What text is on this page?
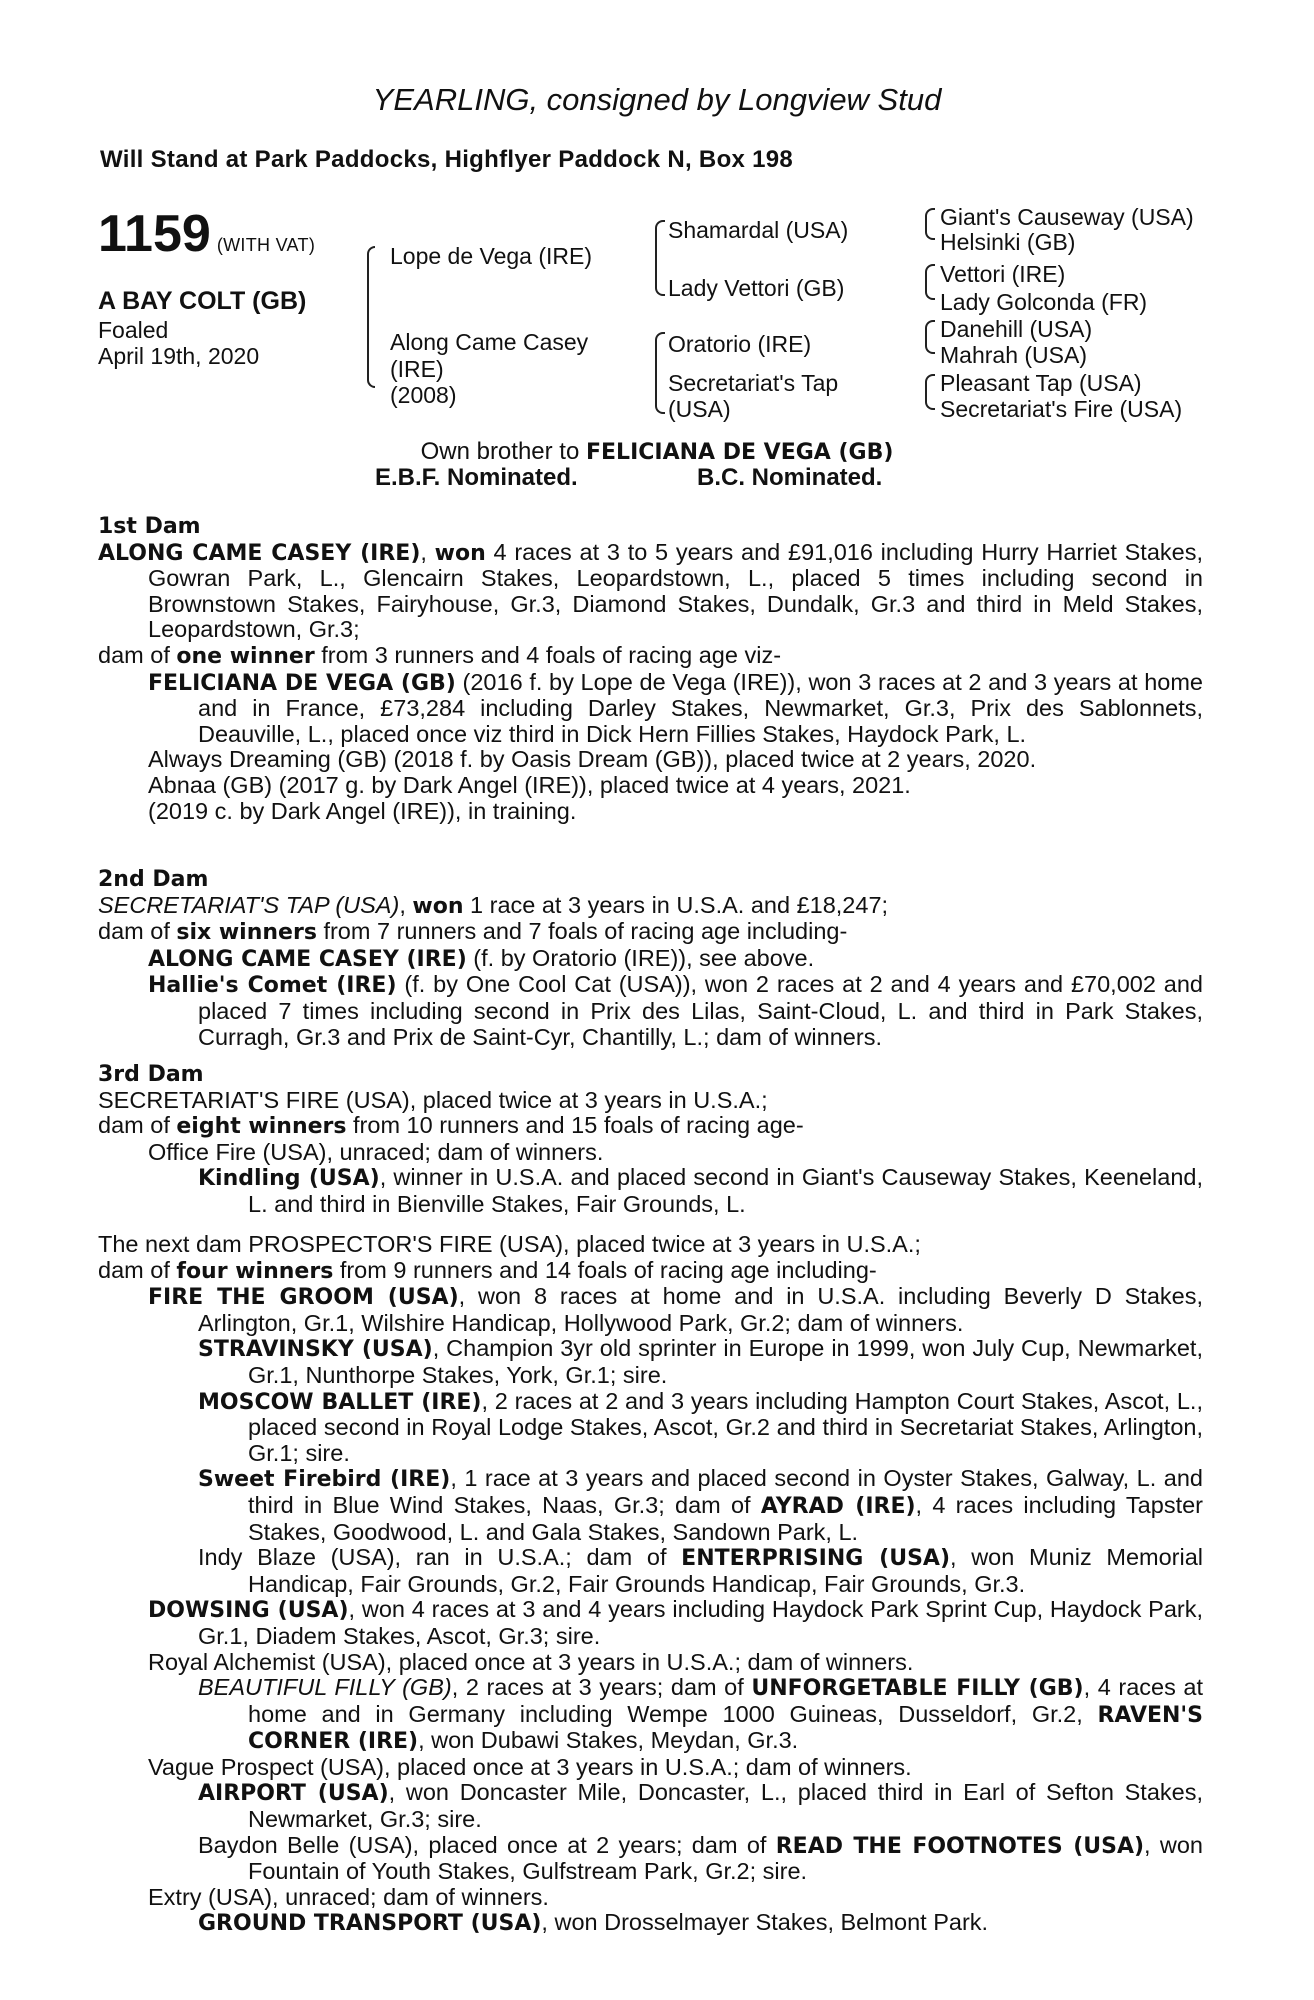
YEARLING, consigned by Longview Stud
Will Stand at Park Paddocks, Highflyer Paddock N, Box 198
1159 (WITH VAT)
A BAY COLT (GB)
Foaled
April 19th, 2020
Lope de Vega (IRE)
Along Came Casey
(IRE)
(2008)
Shamardal (USA)
Lady Vettori (GB)
Oratorio (IRE)
Secretariat's Tap
(USA)
Giant's Causeway (USA)
Helsinki (GB)
Vettori (IRE)
Lady Golconda (FR)
Danehill (USA)
Mahrah (USA)
Pleasant Tap (USA)
Secretariat's Fire (USA)
Own brother to FELICIANA DE VEGA (GB)
E.B.F. Nominated.	B.C. Nominated.
1st Dam

ALONG CAME CASEY (IRE), won 4 races at 3 to 5 years and £91,016 including Hurry Harriet Stakes, Gowran Park, L., Glencairn Stakes, Leopardstown, L., placed 5 times including second in Brownstown Stakes, Fairyhouse, Gr.3, Diamond Stakes, Dundalk, Gr.3 and third in Meld Stakes, Leopardstown, Gr.3;

dam of one winner from 3 runners and 4 foals of racing age viz-

FELICIANA DE VEGA (GB) (2016 f. by Lope de Vega (IRE)), won 3 races at 2 and 3 years at home and in France, £73,284 including Darley Stakes, Newmarket, Gr.3, Prix des Sablonnets, Deauville, L., placed once viz third in Dick Hern Fillies Stakes, Haydock Park, L.

Always Dreaming (GB) (2018 f. by Oasis Dream (GB)), placed twice at 2 years, 2020.

Abnaa (GB) (2017 g. by Dark Angel (IRE)), placed twice at 4 years, 2021.

(2019 c. by Dark Angel (IRE)), in training.

2nd Dam

SECRETARIAT'S TAP (USA), won 1 race at 3 years in U.S.A. and £18,247;

dam of six winners from 7 runners and 7 foals of racing age including-

ALONG CAME CASEY (IRE) (f. by Oratorio (IRE)), see above.

Hallie's Comet (IRE) (f. by One Cool Cat (USA)), won 2 races at 2 and 4 years and £70,002 and placed 7 times including second in Prix des Lilas, Saint-Cloud, L. and third in Park Stakes, Curragh, Gr.3 and Prix de Saint-Cyr, Chantilly, L.; dam of winners.

3rd Dam

SECRETARIAT'S FIRE (USA), placed twice at 3 years in U.S.A.;

dam of eight winners from 10 runners and 15 foals of racing age-

Office Fire (USA), unraced; dam of winners.

Kindling (USA), winner in U.S.A. and placed second in Giant's Causeway Stakes, Keeneland, L. and third in Bienville Stakes, Fair Grounds, L.

The next dam PROSPECTOR'S FIRE (USA), placed twice at 3 years in U.S.A.;

dam of four winners from 9 runners and 14 foals of racing age including-

FIRE THE GROOM (USA), won 8 races at home and in U.S.A. including Beverly D Stakes, Arlington, Gr.1, Wilshire Handicap, Hollywood Park, Gr.2; dam of winners.

STRAVINSKY (USA), Champion 3yr old sprinter in Europe in 1999, won July Cup, Newmarket, Gr.1, Nunthorpe Stakes, York, Gr.1; sire.

MOSCOW BALLET (IRE), 2 races at 2 and 3 years including Hampton Court Stakes, Ascot, L., placed second in Royal Lodge Stakes, Ascot, Gr.2 and third in Secretariat Stakes, Arlington, Gr.1; sire.

Sweet Firebird (IRE), 1 race at 3 years and placed second in Oyster Stakes, Galway, L. and third in Blue Wind Stakes, Naas, Gr.3; dam of AYRAD (IRE), 4 races including Tapster Stakes, Goodwood, L. and Gala Stakes, Sandown Park, L.

Indy Blaze (USA), ran in U.S.A.; dam of ENTERPRISING (USA), won Muniz Memorial Handicap, Fair Grounds, Gr.2, Fair Grounds Handicap, Fair Grounds, Gr.3.

DOWSING (USA), won 4 races at 3 and 4 years including Haydock Park Sprint Cup, Haydock Park, Gr.1, Diadem Stakes, Ascot, Gr.3; sire.

Royal Alchemist (USA), placed once at 3 years in U.S.A.; dam of winners.

BEAUTIFUL FILLY (GB), 2 races at 3 years; dam of UNFORGETABLE FILLY (GB), 4 races at home and in Germany including Wempe 1000 Guineas, Dusseldorf, Gr.2, RAVEN'S CORNER (IRE), won Dubawi Stakes, Meydan, Gr.3.

Vague Prospect (USA), placed once at 3 years in U.S.A.; dam of winners.

AIRPORT (USA), won Doncaster Mile, Doncaster, L., placed third in Earl of Sefton Stakes, Newmarket, Gr.3; sire.

Baydon Belle (USA), placed once at 2 years; dam of READ THE FOOTNOTES (USA), won Fountain of Youth Stakes, Gulfstream Park, Gr.2; sire.

Extry (USA), unraced; dam of winners.

GROUND TRANSPORT (USA), won Drosselmayer Stakes, Belmont Park.
